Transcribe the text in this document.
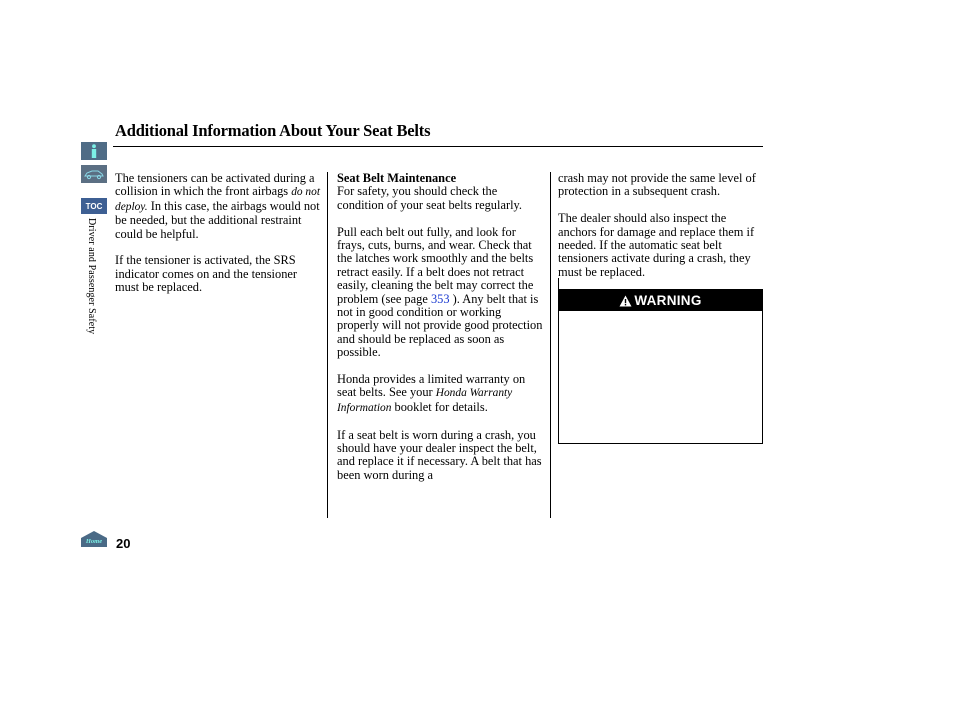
Additional Information About Your Seat Belts
TOC
Driver and Passenger Safety

The tensioners can be activated during a collision in which the front airbags do not deploy. In this case, the airbags would not be needed, but the additional restraint could be helpful.

If the tensioner is activated, the SRS indicator comes on and the tensioner must be replaced.

Seat Belt Maintenance

For safety, you should check the condition of your seat belts regularly.

Pull each belt out fully, and look for frays, cuts, burns, and wear. Check that the latches work smoothly and the belts retract easily. If a belt does not retract easily, cleaning the belt may correct the problem (see page 353 ). Any belt that is not in good condition or working properly will not provide good protection and should be replaced as soon as possible.

Honda provides a limited warranty on seat belts. See your Honda Warranty Information booklet for details.

If a seat belt is worn during a crash, you should have your dealer inspect the belt, and replace it if necessary. A belt that has been worn during a

crash may not provide the same level of protection in a subsequent crash.

The dealer should also inspect the anchors for damage and replace them if needed. If the automatic seat belt tensioners activate during a crash, they must be replaced.

WARNING
Home 20
